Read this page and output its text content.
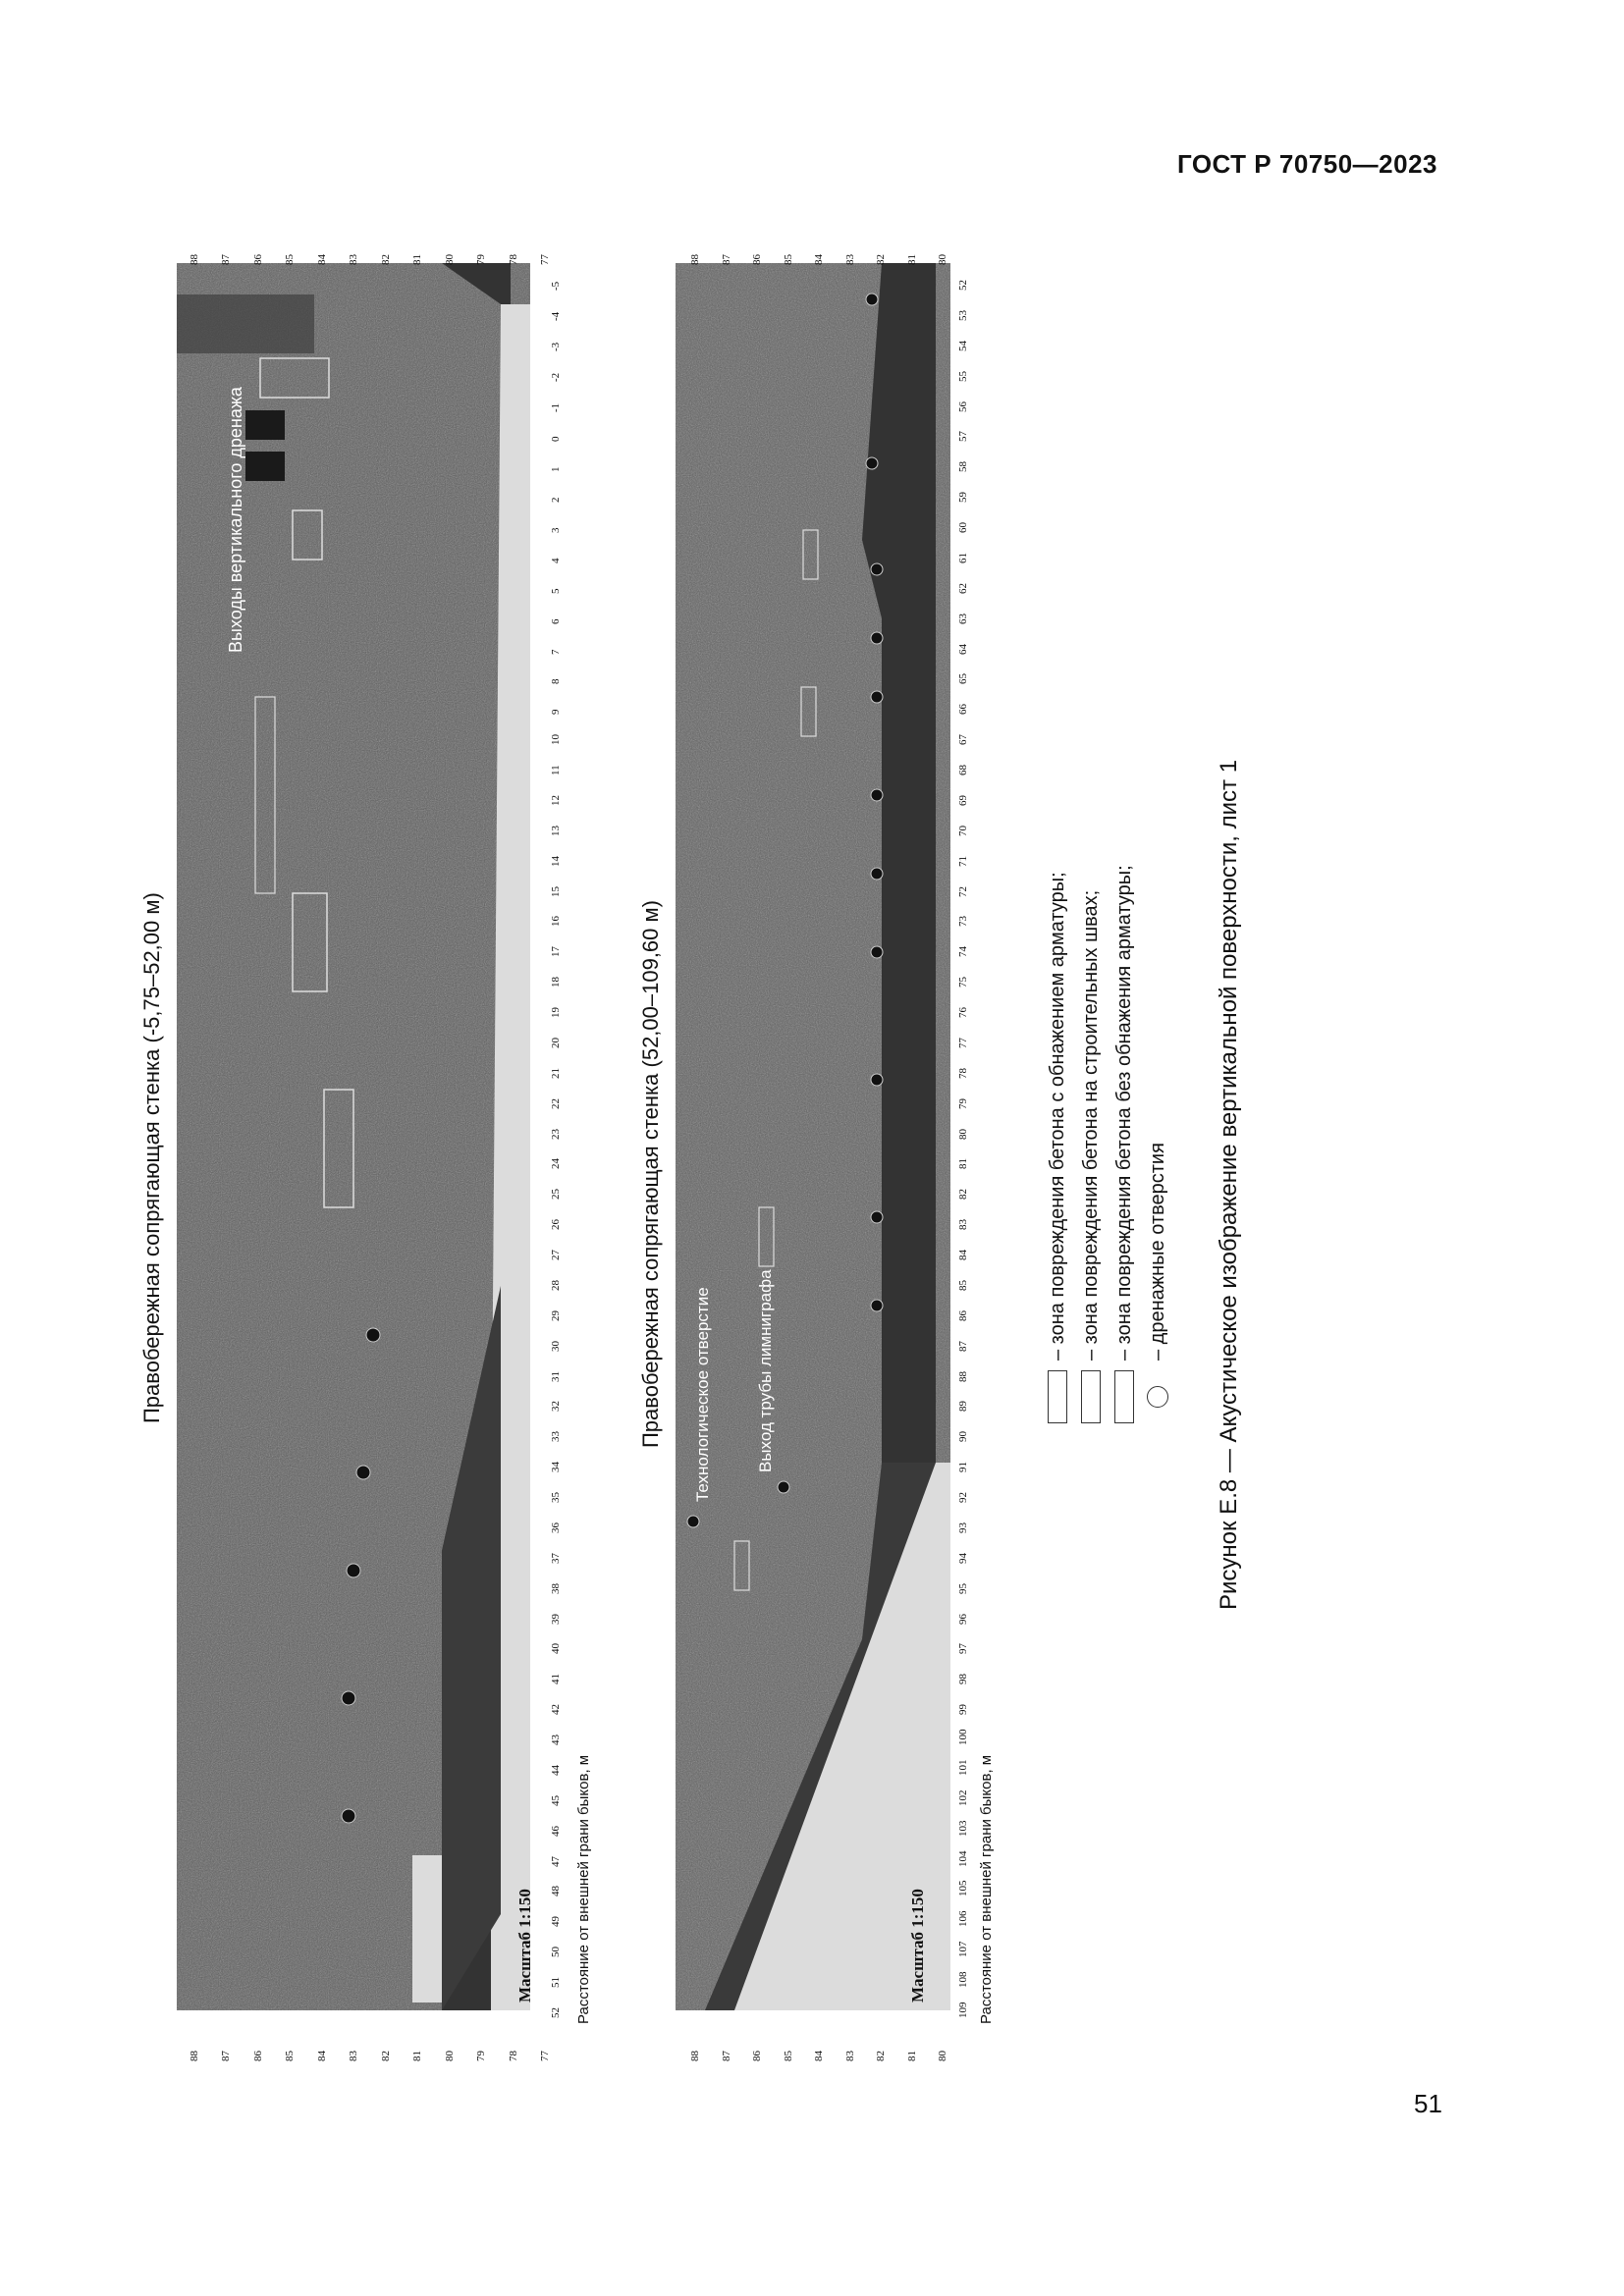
ГОСТ Р 70750—2023
Правобережная сопрягающая стенка (-5,75–52,00 м)
Расстояние от внешней грани быков, м
Масштаб 1:150
Выходы вертикального дренажа
Правобережная сопрягающая стенка (52,00–109,60 м)
Расстояние от внешней грани быков, м
Масштаб 1:150
Технологическое отверстие	Выход трубы лимниграфа
– зона повреждения бетона с обнажением арматуры; – зона повреждения бетона на строительных швах; – зона повреждения бетона без обнажения арматуры; – дренажные отверстия Рисунок Е.8 — Акустическое изображение вертикальной поверхности, лист 1
51
-5
-4
-3
-2
-1
0
1
2
3
4
5
6
7
8
9
10
11
12
13
14
15
16
17
18
19
20
21
22
23
24
25
26
27
28
29
30
31
32
33
34
35
36
37
38
39
40
41
42
43
44
45
46
47
48
49
50
51
52
88 87 86 85 84 83 82 81 80 79 78 77
88 87 86 85 84 83 82 81 80 79 78 77
52
53
54
55
56
57
58
59
60
61
62
63
64
65
66
67
68
69
70
71
72
73
74
75
76
77
78
79
80
81
82
83
84
85
86
87
88
89
90
91
92
93
94
95
96
97
98
99
100
101
102
103
104
105
106
107
108
109
88 87 86 85 84 83 82 81 80
88 87 86 85 84 83 82 81 80
